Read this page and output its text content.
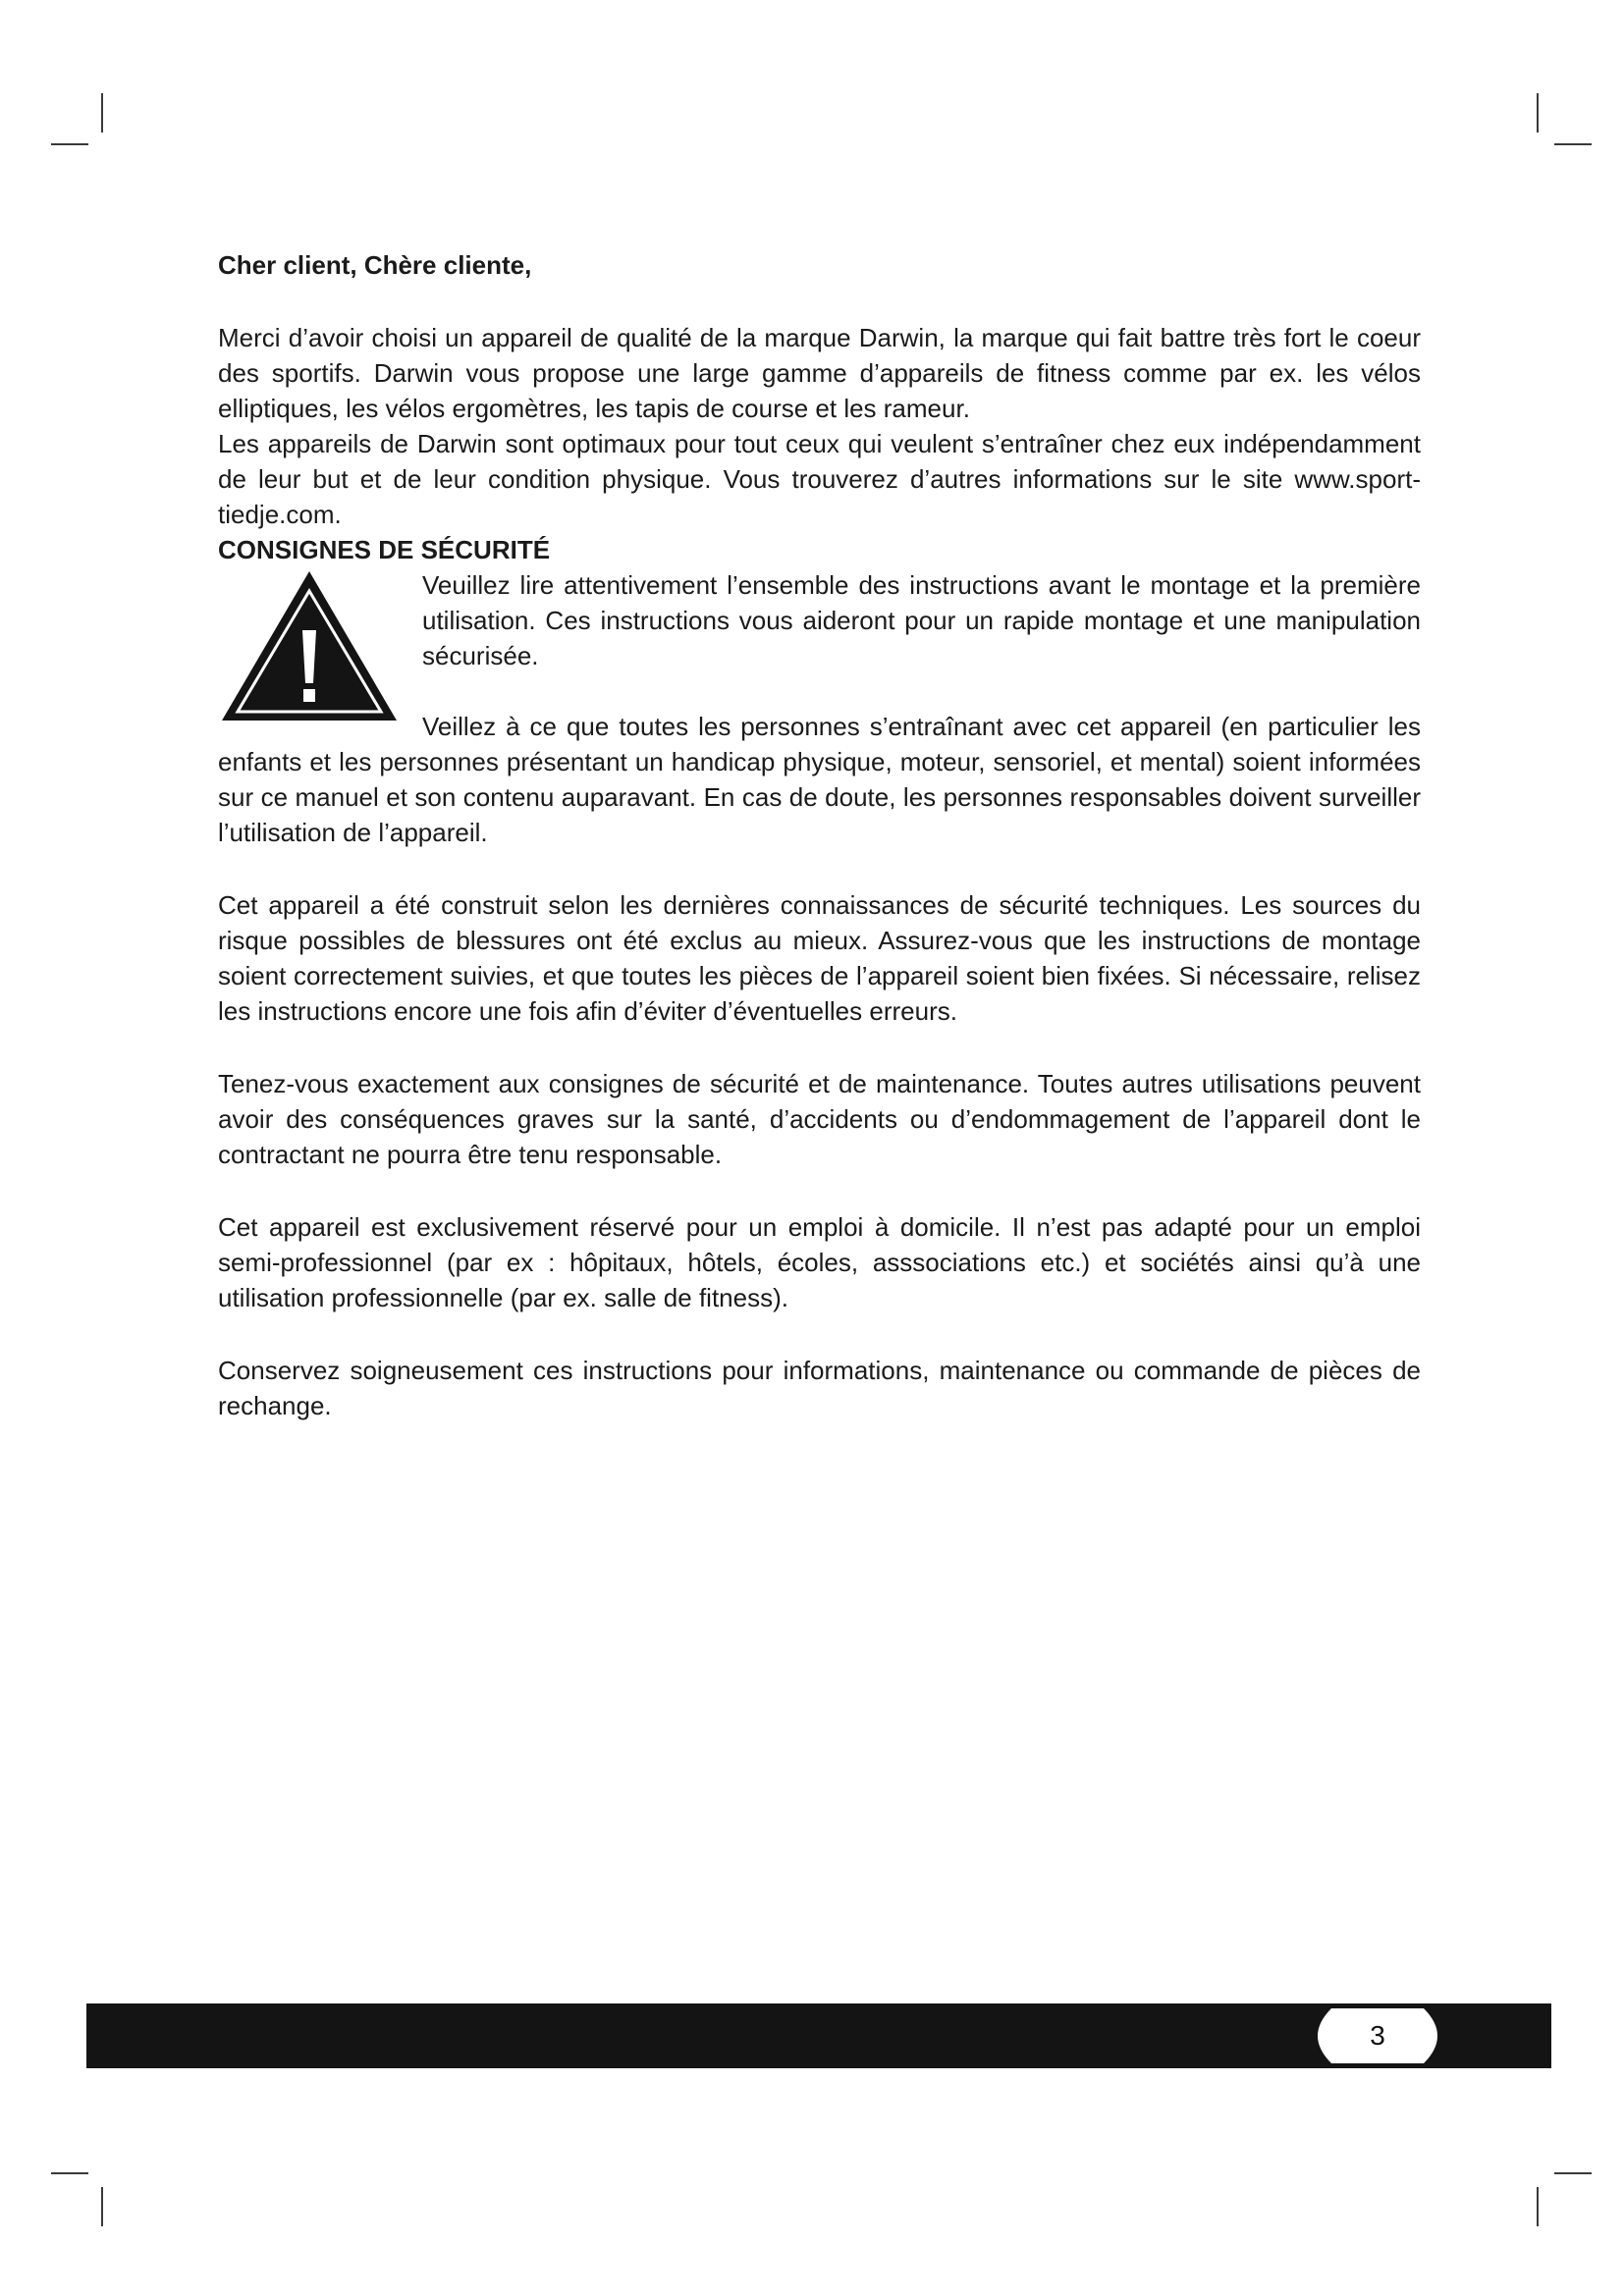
Cher client, Chère cliente,

Merci d’avoir choisi un appareil de qualité de la marque Darwin, la marque qui fait battre très fort le coeur des sportifs. Darwin vous propose une large gamme d’appareils de fitness comme par ex. les vélos elliptiques, les vélos ergomètres, les tapis de course et les rameur.

Les appareils de Darwin sont optimaux pour tout ceux qui veulent s’entraîner chez eux indépendamment de leur but et de leur condition physique. Vous trouverez d’autres informations sur le site www.sport-tiedje.com.

CONSIGNES DE SÉCURITÉ

Veuillez lire attentivement l’ensemble des instructions avant le montage et la première utilisation. Ces instructions vous aideront pour un rapide montage et une manipulation sécurisée.

Veillez à ce que toutes les personnes s’entraînant avec cet appareil (en particulier les enfants et les personnes présentant un handicap physique, moteur, sensoriel, et mental) soient informées sur ce manuel et son contenu auparavant. En cas de doute, les personnes responsables doivent surveiller l’utilisation de l’appareil.

Cet appareil a été construit selon les dernières connaissances de sécurité techniques. Les sources du risque possibles de blessures ont été exclus au mieux. Assurez-vous que les instructions de montage soient correctement suivies, et que toutes les pièces de l’appareil soient bien fixées. Si nécessaire, relisez les instructions encore une fois afin d’éviter d’éventuelles erreurs.

Tenez-vous exactement aux consignes de sécurité et de maintenance. Toutes autres utilisations peuvent avoir des conséquences graves sur la santé, d’accidents ou d’endommagement de l’appareil dont le contractant ne pourra être tenu responsable.

Cet appareil est exclusivement réservé pour un emploi à domicile. Il n’est pas adapté pour un emploi semi-professionnel (par ex : hôpitaux, hôtels, écoles, asssociations etc.) et sociétés ainsi qu’à une utilisation professionnelle (par ex. salle de fitness).

Conservez soigneusement ces instructions pour informations, maintenance ou commande de pièces de rechange.

3
